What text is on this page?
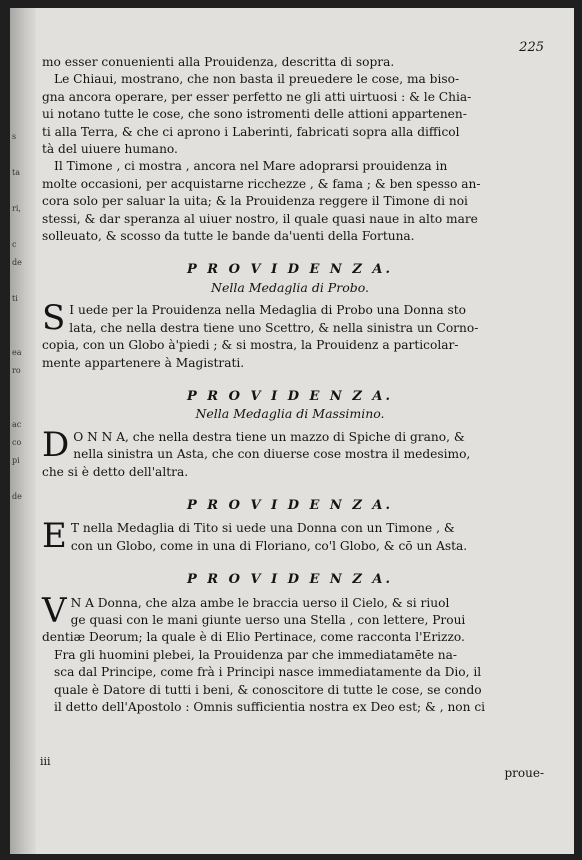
s

ta

ri,

c
de

ti

ea
ro

ac
co
pi

de
225
mo esser conuenienti alla Prouidenza, descritta di sopra.
Le Chiaui, mostrano, che non basta il preuedere le cose, ma biso-
gna ancora operare, per esser perfetto ne gli atti uirtuosi : & le Chia-
ui notano tutte le cose, che sono istromenti delle attioni appartenen-
ti alla Terra, & che ci aprono i Laberinti, fabricati sopra alla difficol
tà del uiuere humano.
Il Timone , ci mostra , ancora nel Mare adoprarsi prouidenza in
molte occasioni, per acquistarne ricchezze , & fama ; & ben spesso an-
cora solo per saluar la uita; & la Prouidenza reggere il Timone di noi
stessi, & dar speranza al uiuer nostro, il quale quasi naue in alto mare
solleuato, & scosso da tutte le bande da'uenti della Fortuna.
P R O V I D E N Z A.
Nella Medaglia di Probo.
S I uede per la Prouidenza nella Medaglia di Probo una Donna sto
lata, che nella destra tiene uno Scettro, & nella sinistra un Corno-
copia, con un Globo à'piedi ; & si mostra, la Prouidenz a particolar-
mente appartenere à Magistrati.
P R O V I D E N Z A.
Nella Medaglia di Massimino.
D O N N A, che nella destra tiene un mazzo di Spiche di grano, &
nella sinistra un Asta, che con diuerse cose mostra il medesimo,
che si è detto dell'altra.
P R O V I D E N Z A.
E T nella Medaglia di Tito si uede una Donna con un Timone , &
con un Globo, come in una di Floriano, co'l Globo, & cō un Asta.
P R O V I D E N Z A.
V N A Donna, che alza ambe le braccia uerso il Cielo, & si riuol
ge quasi con le mani giunte uerso una Stella , con lettere, Proui
dentiæ Deorum; la quale è di Elio Pertinace, come racconta l'Erizzo.
Fra gli huomini plebei, la Prouidenza par che immediatamēte na-
sca dal Principe, come frà i Principi nasce immediatamente da Dio, il
quale è Datore di tutti i beni, & conoscitore di tutte le cose, se condo
il detto dell'Apostolo : Omnis sufficientia nostra ex Deo est; & , non ci
iii
proue-
